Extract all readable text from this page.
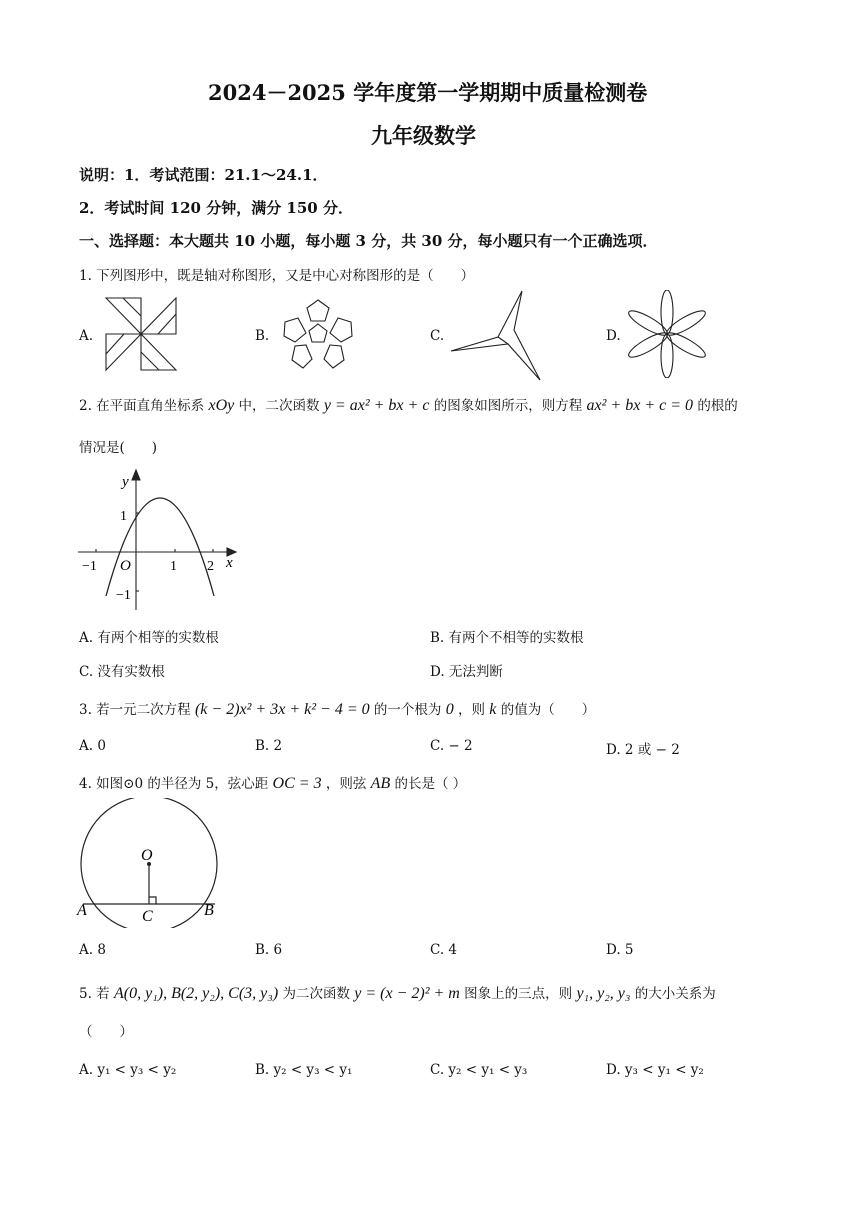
2024－2025 学年度第一学期期中质量检测卷
九年级数学
说明：1．考试范围：21.1～24.1．
2．考试时间 120 分钟，满分 150 分．
一、选择题：本大题共 10 小题，每小题 3 分，共 30 分，每小题只有一个正确选项．
1. 下列图形中，既是轴对称图形，又是中心对称图形的是（　　）
A.	B.	C.	D.
2. 在平面直角坐标系 xOy 中，二次函数 y = ax² + bx + c 的图象如图所示，则方程 ax² + bx + c = 0 的根的
情况是(　　)
y
x
1
−1 O	1 2
−1
A. 有两个相等的实数根	B. 有两个不相等的实数根
C. 没有实数根	D. 无法判断
3. 若一元二次方程 (k − 2)x² + 3x + k² − 4 = 0 的一个根为 0 ，则 k 的值为（　　）
A. 0	B. 2	C. − 2	D. 2 或 − 2
4. 如图⊙0 的半径为 5，弦心距 OC = 3 ，则弦 AB 的长是（ ）
O
A	B
C
A. 8	B. 6	C. 4	D. 5
5. 若 A(0, y₁), B(2, y₂), C(3, y₃) 为二次函数 y = (x − 2)² + m 图象上的三点，则 y₁, y₂, y₃ 的大小关系为
（　　）
A. y₁ < y₃ < y₂	B. y₂ < y₃ < y₁	C. y₂ < y₁ < y₃	D. y₃ < y₁ < y₂
